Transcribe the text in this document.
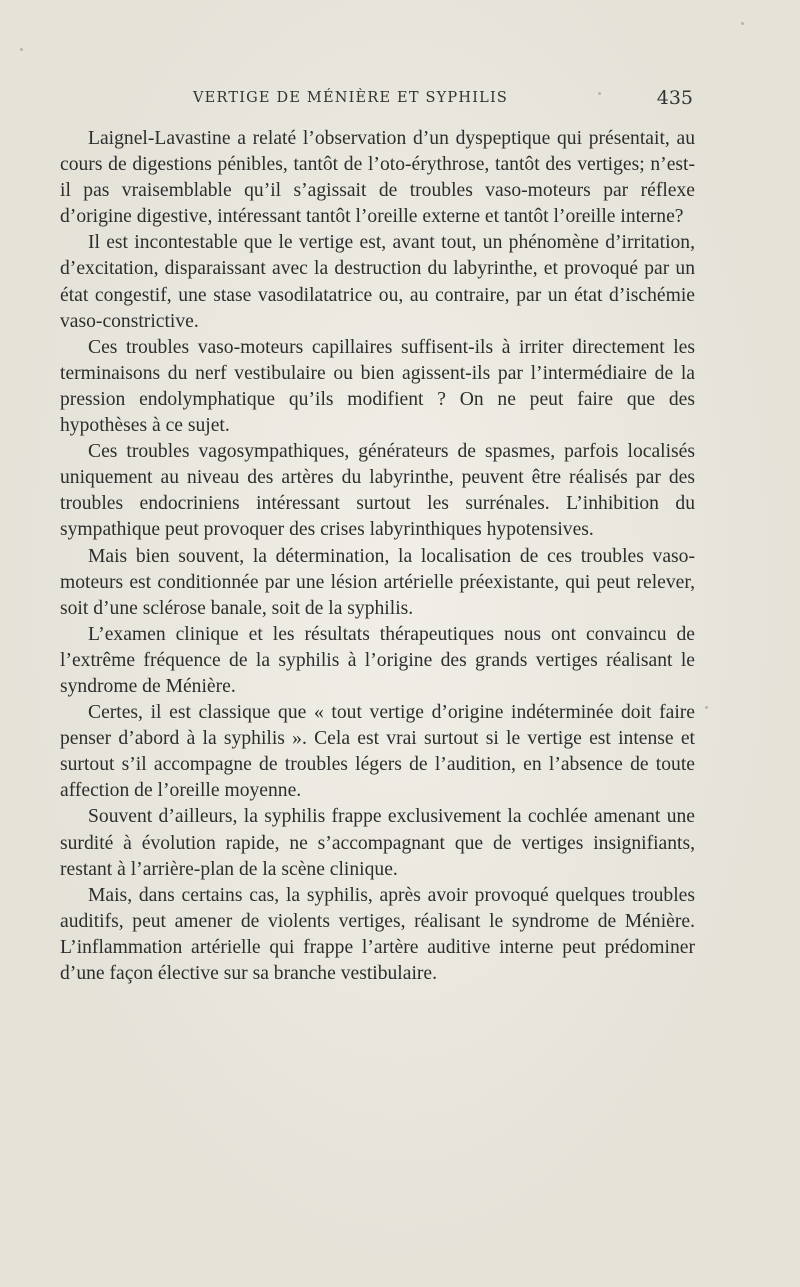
VERTIGE DE MÉNIÈRE ET SYPHILIS	435

Laignel-Lavastine a relaté l’observation d’un dyspeptique qui présentait, au cours de digestions pénibles, tantôt de l’oto-érythrose, tantôt des vertiges; n’est-il pas vraisemblable qu’il s’agissait de troubles vaso-moteurs par réflexe d’origine digestive, intéressant tantôt l’oreille externe et tantôt l’oreille interne?

Il est incontestable que le vertige est, avant tout, un phénomène d’irritation, d’excitation, disparaissant avec la destruction du labyrinthe, et provoqué par un état congestif, une stase vasodilatatrice ou, au contraire, par un état d’ischémie vaso-constrictive.

Ces troubles vaso-moteurs capillaires suffisent-ils à irriter directement les terminaisons du nerf vestibulaire ou bien agissent-ils par l’intermédiaire de la pression endolymphatique qu’ils modifient ? On ne peut faire que des hypothèses à ce sujet.

Ces troubles vagosympathiques, générateurs de spasmes, parfois localisés uniquement au niveau des artères du labyrinthe, peuvent être réalisés par des troubles endocriniens intéressant surtout les surrénales. L’inhibition du sympathique peut provoquer des crises labyrinthiques hypotensives.

Mais bien souvent, la détermination, la localisation de ces troubles vaso-moteurs est conditionnée par une lésion artérielle préexistante, qui peut relever, soit d’une sclérose banale, soit de la syphilis.

L’examen clinique et les résultats thérapeutiques nous ont convaincu de l’extrême fréquence de la syphilis à l’origine des grands vertiges réalisant le syndrome de Ménière.

Certes, il est classique que « tout vertige d’origine indéterminée doit faire penser d’abord à la syphilis ». Cela est vrai surtout si le vertige est intense et surtout s’il accompagne de troubles légers de l’audition, en l’absence de toute affection de l’oreille moyenne.

Souvent d’ailleurs, la syphilis frappe exclusivement la cochlée amenant une surdité à évolution rapide, ne s’accompagnant que de vertiges insignifiants, restant à l’arrière-plan de la scène clinique.

Mais, dans certains cas, la syphilis, après avoir provoqué quelques troubles auditifs, peut amener de violents vertiges, réalisant le syndrome de Ménière. L’inflammation artérielle qui frappe l’artère auditive interne peut prédominer d’une façon élective sur sa branche vestibulaire.
